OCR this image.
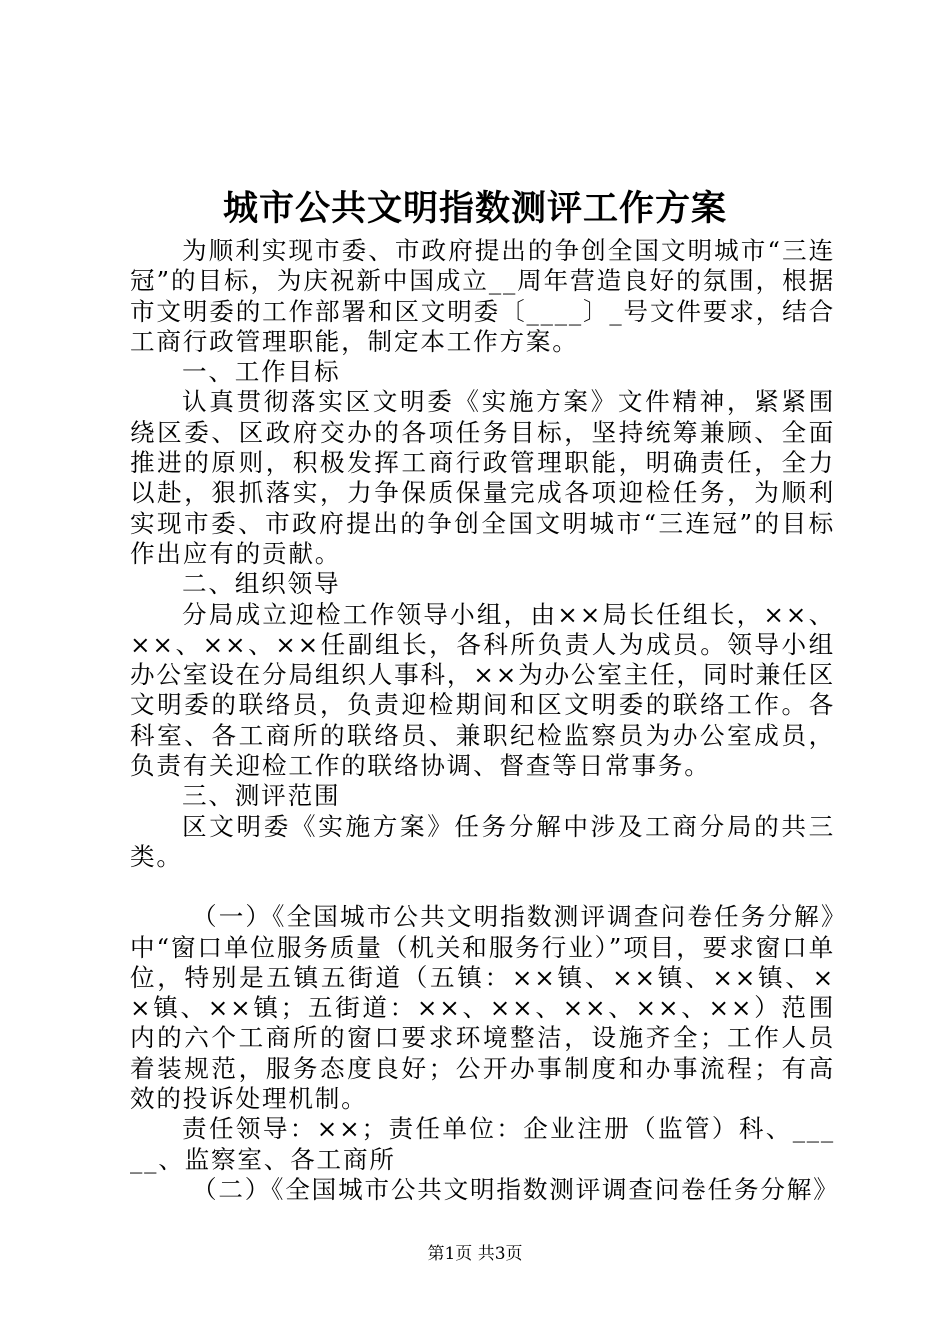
城市公共文明指数测评工作方案

为顺利实现市委、市政府提出的争创全国文明城市“三连冠”的目标，为庆祝新中国成立__周年营造良好的氛围，根据市文明委的工作部署和区文明委〔____〕_号文件要求，结合工商行政管理职能，制定本工作方案。

一、工作目标

认真贯彻落实区文明委《实施方案》文件精神，紧紧围绕区委、区政府交办的各项任务目标，坚持统筹兼顾、全面推进的原则，积极发挥工商行政管理职能，明确责任，全力以赴，狠抓落实，力争保质保量完成各项迎检任务，为顺利实现市委、市政府提出的争创全国文明城市“三连冠”的目标作出应有的贡献。

二、组织领导

分局成立迎检工作领导小组，由××局长任组长，××、××、××、××任副组长，各科所负责人为成员。领导小组办公室设在分局组织人事科，××为办公室主任，同时兼任区文明委的联络员，负责迎检期间和区文明委的联络工作。各科室、各工商所的联络员、兼职纪检监察员为办公室成员，负责有关迎检工作的联络协调、督查等日常事务。

三、测评范围

区文明委《实施方案》任务分解中涉及工商分局的共三类。

（一）《全国城市公共文明指数测评调查问卷任务分解》中“窗口单位服务质量（机关和服务行业）”项目，要求窗口单位，特别是五镇五街道（五镇：××镇、××镇、××镇、××镇、××镇；五街道：××、××、××、××、××）范围内的六个工商所的窗口要求环境整洁，设施齐全；工作人员着装规范，服务态度良好；公开办事制度和办事流程；有高效的投诉处理机制。

责任领导：××；责任单位：企业注册（监管）科、_____、监察室、各工商所

（二）《全国城市公共文明指数测评调查问卷任务分解》

第1页 共3页
